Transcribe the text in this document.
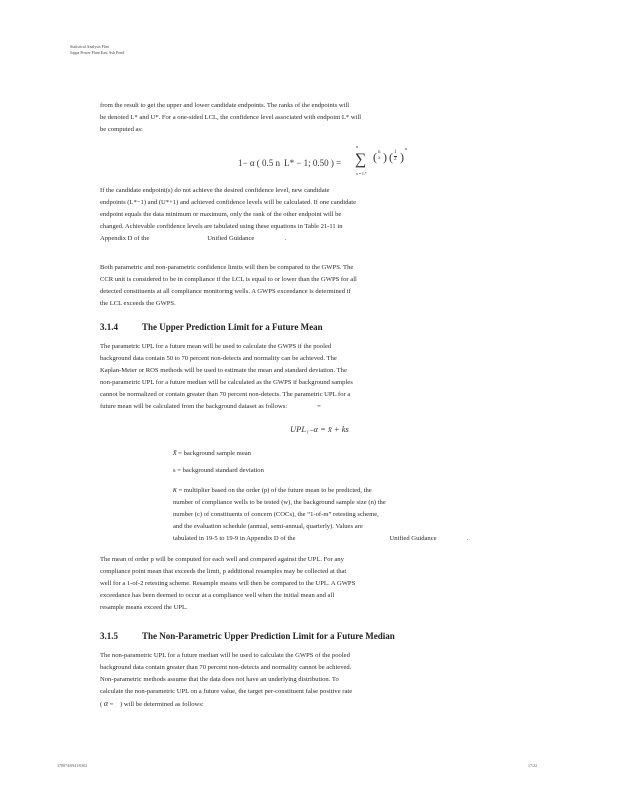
Statistical Analysis Plan
Joppa Power Plant East Ash Pond

from the result to get the upper and lower candidate endpoints. The ranks of the endpoints will
be denoted L* and U*. For a one-sided LCL, the confidence level associated with endpoint L* will
be computed as:

1− α ( 0.5 n  L* − 1; 0.50 ) =
n
∑
x = L*
( n
x ) ( 1
2 )
n

If the candidate endpoint(s) do not achieve the desired confidence level, new candidate
endpoints (L*−1) and (U*+1) and achieved confidence levels will be calculated. If one candidate
endpoint equals the data minimum or maximum, only the rank of the other endpoint will be
changed. Achievable confidence levels are tabulated using these equations in Table 21-11 in
Appendix D of the	Unified Guidance	.

Both parametric and non-parametric confidence limits will then be compared to the GWPS. The
CCR unit is considered to be in compliance if the LCL is equal to or lower than the GWPS for all
detected constituents at all compliance monitoring wells. A GWPS exceedance is determined if
the LCL exceeds the GWPS.

3.1.4	The Upper Prediction Limit for a Future Mean

The parametric UPL for a future mean will be used to calculate the GWPS if the pooled
background data contain 50 to 70 percent non-detects and normality can be achieved. The
Kaplan-Meier or ROS methods will be used to estimate the mean and standard deviation. The
non-parametric UPL for a future median will be calculated as the GWPS if background samples
cannot be normalized or contain greater than 70 percent non-detects. The parametric UPL for a
future mean will be calculated from the background dataset as follows:	=

UPL₁₋α = x̄ + ks

x̄ = background sample mean

s = background standard deviation

κ = multiplier based on the order (p) of the future mean to be predicted, the
number of compliance wells to be tested (w), the background sample size (n) the
number (c) of constituents of concern (COCs), the “1-of-m” retesting scheme,
and the evaluation schedule (annual, semi-annual, quarterly). Values are
tabulated in 19-5 to 19-9 in Appendix D of the	Unified Guidance	.

The mean of order p will be computed for each well and compared against the UPL. For any
compliance point mean that exceeds the limit, p additional resamples may be collected at that
well for a 1-of-2 retesting scheme. Resample means will then be compared to the UPL. A GWPS
exceedance has been deemed to occur at a compliance well when the initial mean and all
resample means exceed the UPL.

3.1.5	The Non-Parametric Upper Prediction Limit for a Future Median

The non-parametric UPL for a future median will be used to calculate the GWPS of the pooled
background data contain greater than 70 percent non-detects and normality cannot be achieved.
Non-parametric methods assume that the data does not have an underlying distribution. To
calculate the non-parametric UPL on a future value, the target per-constituent false positive rate
( α = ) will be determined as follows:

378874/0941/0302	17/22
